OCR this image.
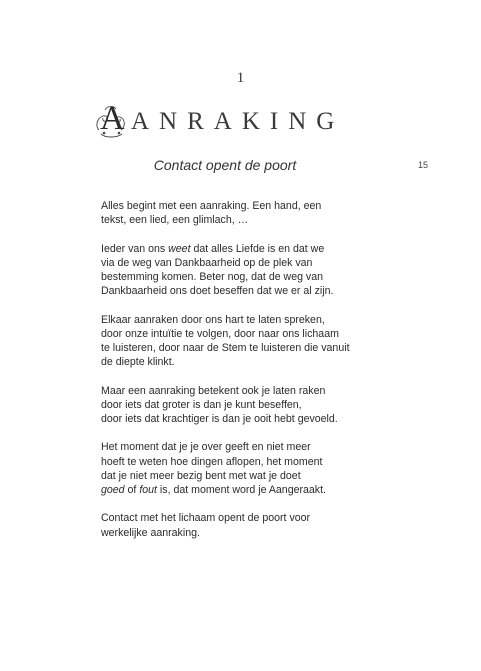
1
A ANRAKING
Contact opent de poort	15

Alles begint met een aanraking. Een hand, een
tekst, een lied, een glimlach, …

Ieder van ons weet dat alles Liefde is en dat we
via de weg van Dankbaarheid op de plek van
bestemming komen. Beter nog, dat de weg van
Dankbaarheid ons doet beseffen dat we er al zijn.

Elkaar aanraken door ons hart te laten spreken,
door onze intuïtie te volgen, door naar ons lichaam
te luisteren, door naar de Stem te luisteren die vanuit
de diepte klinkt.

Maar een aanraking betekent ook je laten raken
door iets dat groter is dan je kunt beseffen,
door iets dat krachtiger is dan je ooit hebt gevoeld.

Het moment dat je je over geeft en niet meer
hoeft te weten hoe dingen aflopen, het moment
dat je niet meer bezig bent met wat je doet
goed of fout is, dat moment word je Aangeraakt.

Contact met het lichaam opent de poort voor
werkelijke aanraking.
